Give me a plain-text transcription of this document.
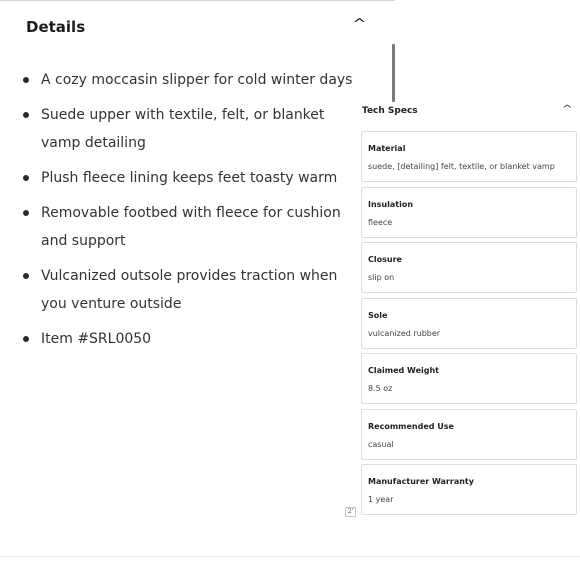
Details	^
A cozy moccasin slipper for cold winter days
Suede upper with textile, felt, or blanket vamp detailing
Plush fleece lining keeps feet toasty warm
Removable footbed with fleece for cushion and support
Vulcanized outsole provides traction when you venture outside
Item #SRL0050
Tech Specs	^
Material
suede, [detailing] felt, textile, or blanket vamp
Insulation
fleece
Closure
slip on
Sole
vulcanized rubber
Claimed Weight
8.5 oz
Recommended Use
casual
Manufacturer Warranty
1 year
2'
